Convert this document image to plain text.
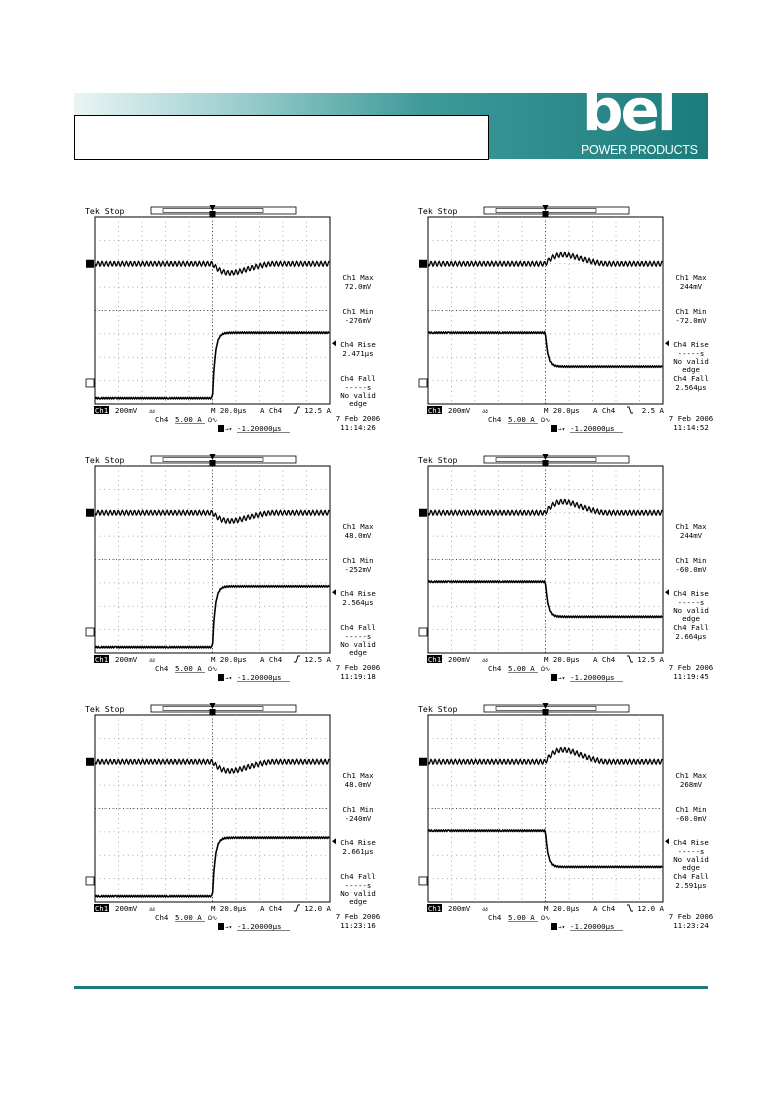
bel
POWER PRODUCTS
Tek Stop
Ch1 Max
72.0mV
Ch1 Min
-276mV
Ch4 Rise
2.471µs
Ch4 Fall
-----s
No valid
edge
Ch1 200mV งง	M 20.0µs A Ch4	12.5 A
Ch4 5.00 A Ω∿	7 Feb 2006
→▾ -1.20000µs	11:14:26
Tek Stop
Ch1 Max
244mV
Ch1 Min
-72.0mV
Ch4 Rise
-----s
No valid
edge
Ch4 Fall
2.564µs
Ch1 200mV งง	M 20.0µs A Ch4	2.5 A
Ch4 5.00 A Ω∿	7 Feb 2006
→▾ -1.20000µs	11:14:52
Tek Stop
Ch1 Max
48.0mV
Ch1 Min
-252mV
Ch4 Rise
2.564µs
Ch4 Fall
-----s
No valid
edge
Ch1 200mV งง	M 20.0µs A Ch4	12.5 A
Ch4 5.00 A Ω∿	7 Feb 2006
→▾ -1.20000µs	11:19:18
Tek Stop
Ch1 Max
244mV
Ch1 Min
-60.0mV
Ch4 Rise
-----s
No valid
edge
Ch4 Fall
2.664µs
Ch1 200mV งง	M 20.0µs A Ch4	12.5 A
Ch4 5.00 A Ω∿	7 Feb 2006
→▾ -1.20000µs	11:19:45
Tek Stop
Ch1 Max
48.0mV
Ch1 Min
-240mV
Ch4 Rise
2.661µs
Ch4 Fall
-----s
No valid
edge
Ch1 200mV งง	M 20.0µs A Ch4	12.0 A
Ch4 5.00 A Ω∿	7 Feb 2006
→▾ -1.20000µs	11:23:16
Tek Stop
Ch1 Max
268mV
Ch1 Min
-60.0mV
Ch4 Rise
-----s
No valid
edge
Ch4 Fall
2.591µs
Ch1 200mV งง	M 20.0µs A Ch4	12.0 A
Ch4 5.00 A Ω∿	7 Feb 2006
→▾ -1.20000µs	11:23:24
